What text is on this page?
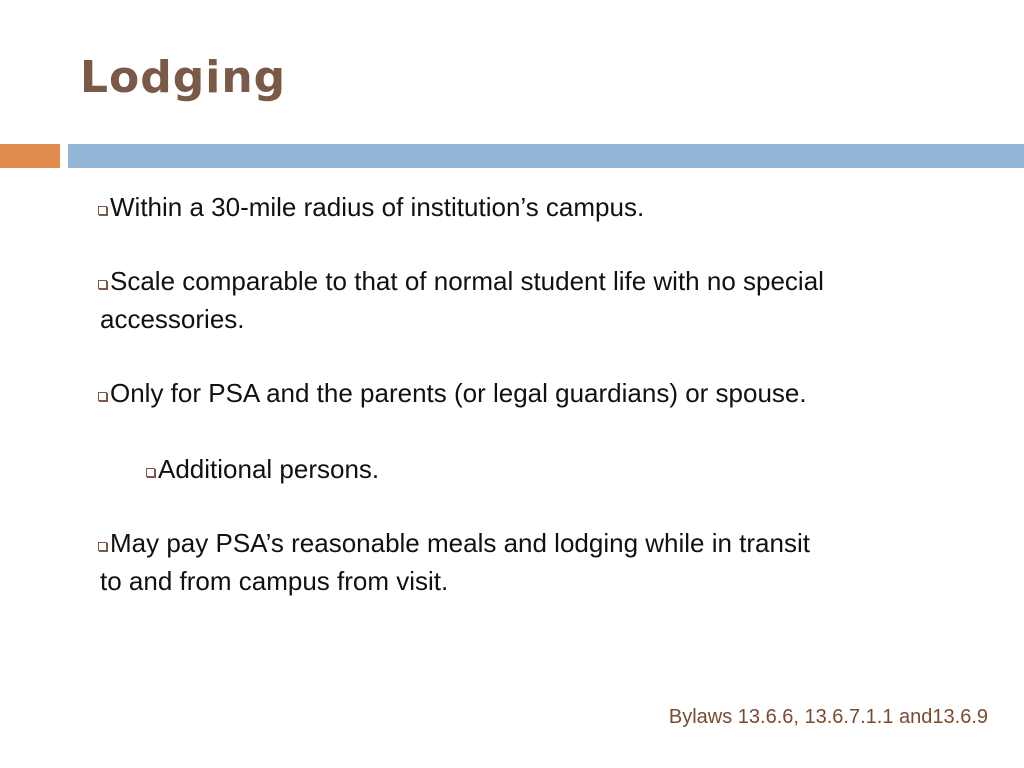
Lodging
Within a 30-mile radius of institution’s campus.
Scale comparable to that of normal student life with no special
accessories.
Only for PSA and the parents (or legal guardians) or spouse.
Additional persons.
May pay PSA’s reasonable meals and lodging while in transit
to and from campus from visit.
Bylaws 13.6.6, 13.6.7.1.1 and13.6.9
